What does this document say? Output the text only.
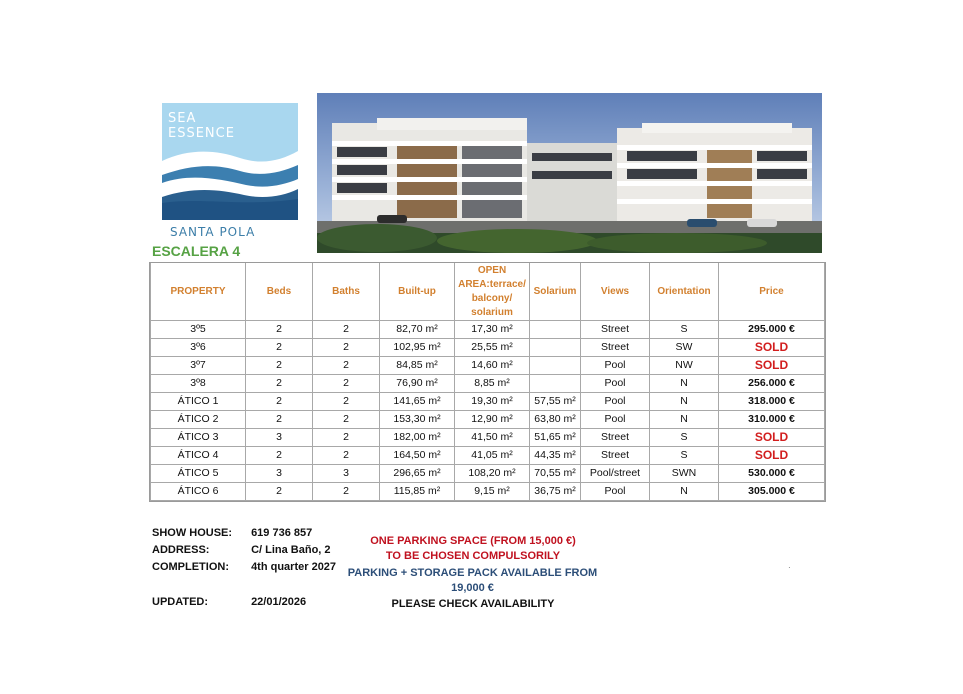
SEA
ESSENCE
SANTA POLA
ESCALERA 4
PROPERTY	Beds	Baths	Built-up	OPEN
AREA:terrace/
balcony/
solarium	Solarium	Views	Orientation	Price
3º5	2	2	82,70 m²	17,30 m²		Street	S	295.000 €
3º6	2	2	102,95 m²	25,55 m²		Street	SW	SOLD
3º7	2	2	84,85 m²	14,60 m²		Pool	NW	SOLD
3º8	2	2	76,90 m²	8,85 m²		Pool	N	256.000 €
ÁTICO 1	2	2	141,65 m²	19,30 m²	57,55 m²	Pool	N	318.000 €
ÁTICO 2	2	2	153,30 m²	12,90 m²	63,80 m²	Pool	N	310.000 €
ÁTICO 3	3	2	182,00 m²	41,50 m²	51,65 m²	Street	S	SOLD
ÁTICO 4	2	2	164,50 m²	41,05 m²	44,35 m²	Street	S	SOLD
ÁTICO 5	3	3	296,65 m²	108,20 m²	70,55 m²	Pool/street	SWN	530.000 €
ÁTICO 6	2	2	115,85 m²	9,15 m²	36,75 m²	Pool	N	305.000 €
SHOW HOUSE: 619 736 857
ADDRESS:	C/ Lina Baño, 2
COMPLETION: 4th quarter 2027
UPDATED:	22/01/2026
ONE PARKING SPACE (FROM 15,000 €)
TO BE CHOSEN COMPULSORILY
PARKING + STORAGE PACK AVAILABLE FROM
19,000 €
PLEASE CHECK AVAILABILITY
·
